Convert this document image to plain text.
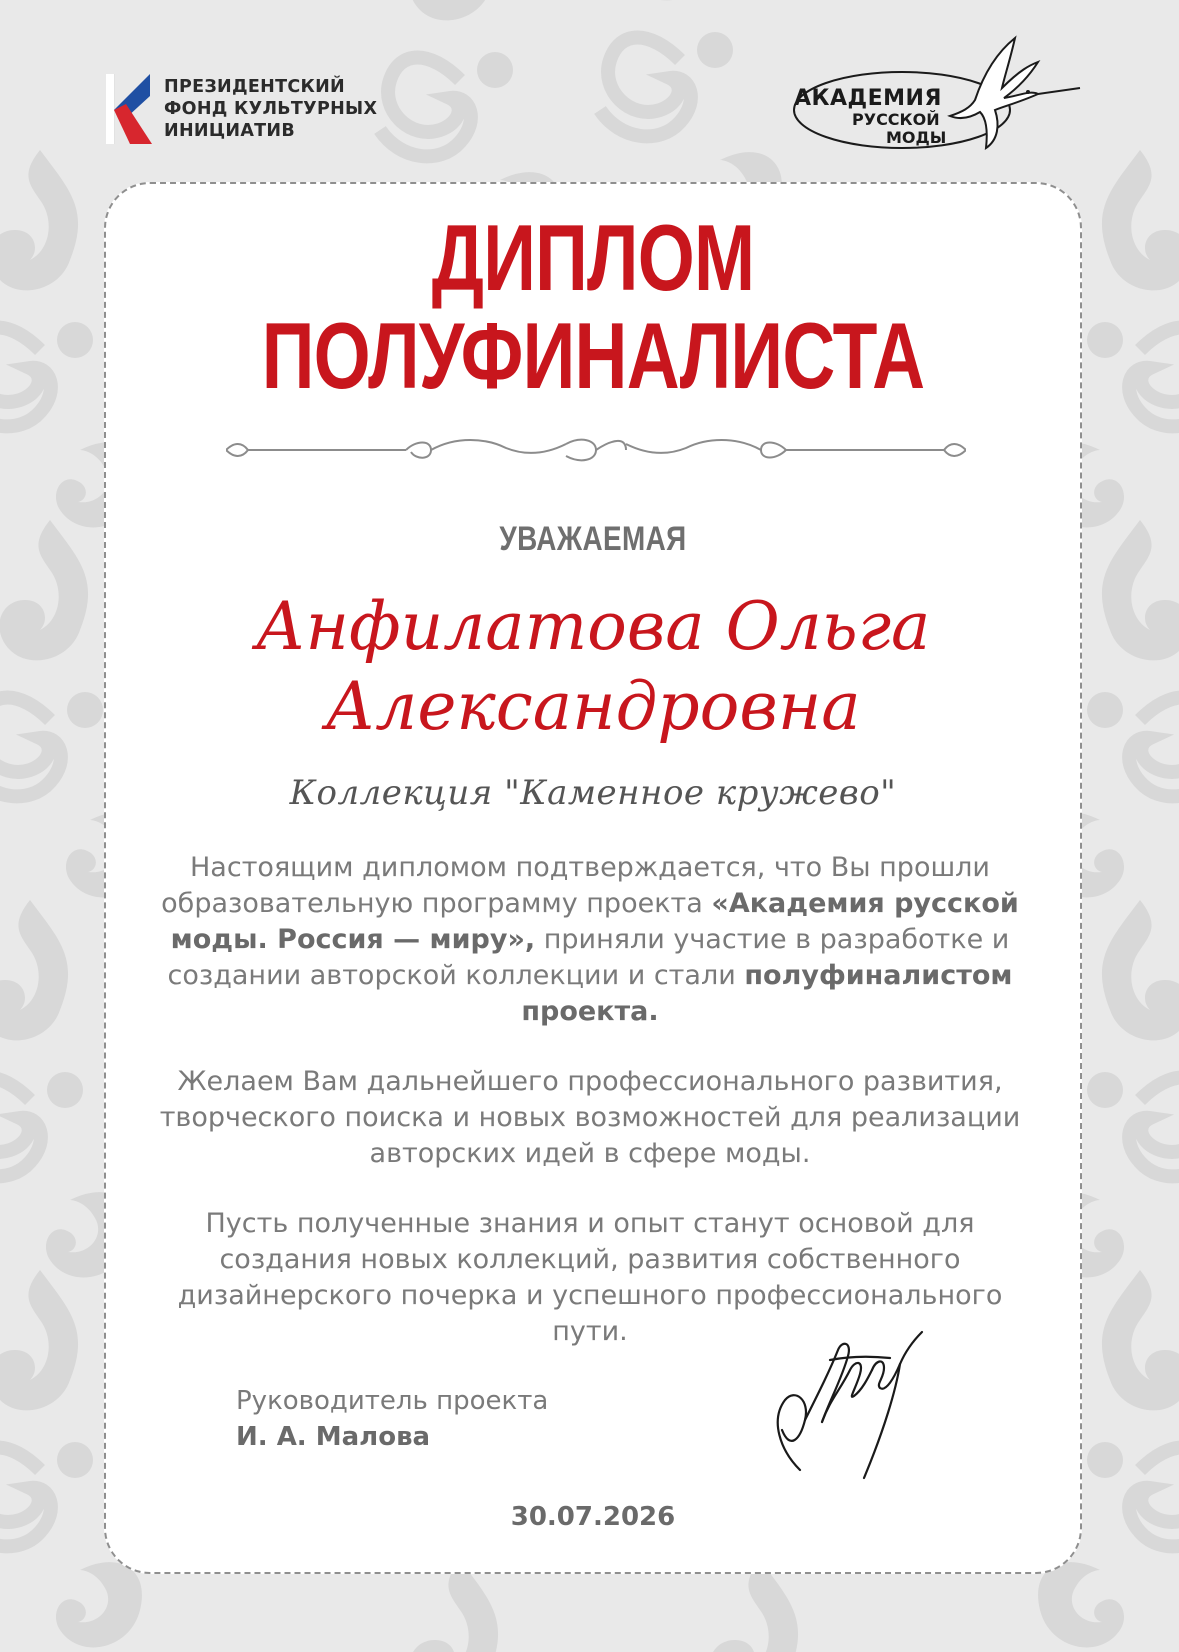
ПРЕЗИДЕНТСКИЙ
ФОНД КУЛЬТУРНЫХ
ИНИЦИАТИВ
АКАДЕМИЯ
РУССКОЙ
МОДЫ
ДИПЛОМ
ПОЛУФИНАЛИСТА
УВАЖАЕМАЯ
Анфилатова Ольга
Александровна
Коллекция "Каменное кружево"
Настоящим дипломом подтверждается, что Вы прошли образовательную программу проекта «Академия русской моды. Россия — миру», приняли участие в разработке и создании авторской коллекции и стали полуфиналистом проекта.
Желаем Вам дальнейшего профессионального развития, творческого поиска и новых возможностей для реализации авторских идей в сфере моды.
Пусть полученные знания и опыт станут основой для создания новых коллекций, развития собственного дизайнерского почерка и успешного профессионального пути.
Руководитель проекта
И. А. Малова
30.07.2026
